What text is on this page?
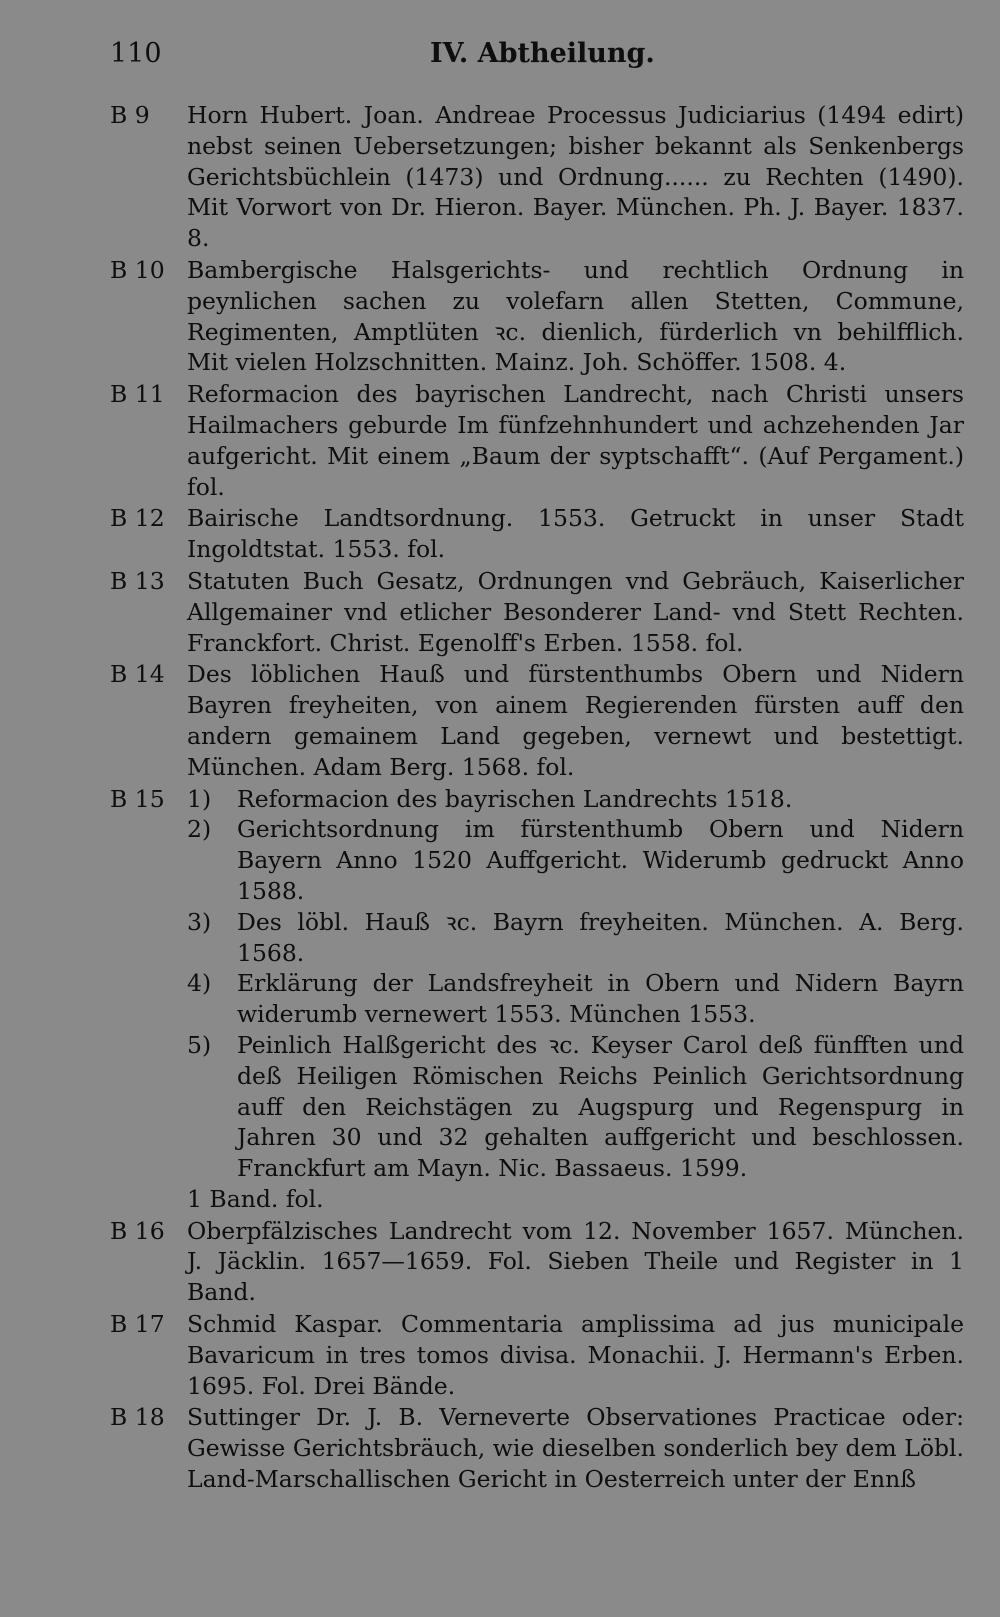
110	IV. Abtheilung.
B 9	Horn Hubert. Joan. Andreae Processus Judiciarius (1494 edirt) nebst seinen Uebersetzungen; bisher bekannt als Senkenbergs Gerichtsbüchlein (1473) und Ordnung...... zu Rechten (1490). Mit Vorwort von Dr. Hieron. Bayer. München. Ph. J. Bayer. 1837. 8.
B 10 Bambergische Halsgerichts- und rechtlich Ordnung in peynlichen sachen zu volefarn allen Stetten, Commune, Regimenten, Amptlüten ꝛc. dienlich, fürderlich vn behilfflich. Mit vielen Holzschnitten. Mainz. Joh. Schöffer. 1508. 4.
B 11 Reformacion des bayrischen Landrecht, nach Christi unsers Hailmachers geburde Im fünfzehnhundert und achzehenden Jar aufgericht. Mit einem „Baum der syptschafft“. (Auf Pergament.) fol.
B 12 Bairische Landtsordnung. 1553. Getruckt in unser Stadt Ingoldtstat. 1553. fol.
B 13 Statuten Buch Gesatz, Ordnungen vnd Gebräuch, Kaiserlicher Allgemainer vnd etlicher Besonderer Land- vnd Stett Rechten. Franckfort. Christ. Egenolff's Erben. 1558. fol.
B 14 Des löblichen Hauß und fürstenthumbs Obern und Nidern Bayren freyheiten, von ainem Regierenden fürsten auff den andern gemainem Land gegeben, vernewt und bestettigt. München. Adam Berg. 1568. fol.
B 15 1)	Reformacion des bayrischen Landrechts 1518.
2)	Gerichtsordnung im fürstenthumb Obern und Nidern Bayern Anno 1520 Auffgericht. Widerumb gedruckt Anno 1588.
3)	Des löbl. Hauß ꝛc. Bayrn freyheiten. München. A. Berg. 1568.
4)	Erklärung der Landsfreyheit in Obern und Nidern Bayrn widerumb vernewert 1553. München 1553.
5)	Peinlich Halßgericht des ꝛc. Keyser Carol deß fünfften und deß Heiligen Römischen Reichs Peinlich Gerichtsordnung auff den Reichstägen zu Augspurg und Regenspurg in Jahren 30 und 32 gehalten auffgericht und beschlossen. Franckfurt am Mayn. Nic. Bassaeus. 1599.
1 Band. fol.
B 16 Oberpfälzisches Landrecht vom 12. November 1657. München. J. Jäcklin. 1657—1659. Fol. Sieben Theile und Register in 1 Band.
B 17 Schmid Kaspar. Commentaria amplissima ad jus municipale Bavaricum in tres tomos divisa. Monachii. J. Hermann's Erben. 1695. Fol. Drei Bände.
B 18 Suttinger Dr. J. B. Verneverte Observationes Practicae oder: Gewisse Gerichtsbräuch, wie dieselben sonderlich bey dem Löbl. Land-Marschallischen Gericht in Oesterreich unter der Ennß
